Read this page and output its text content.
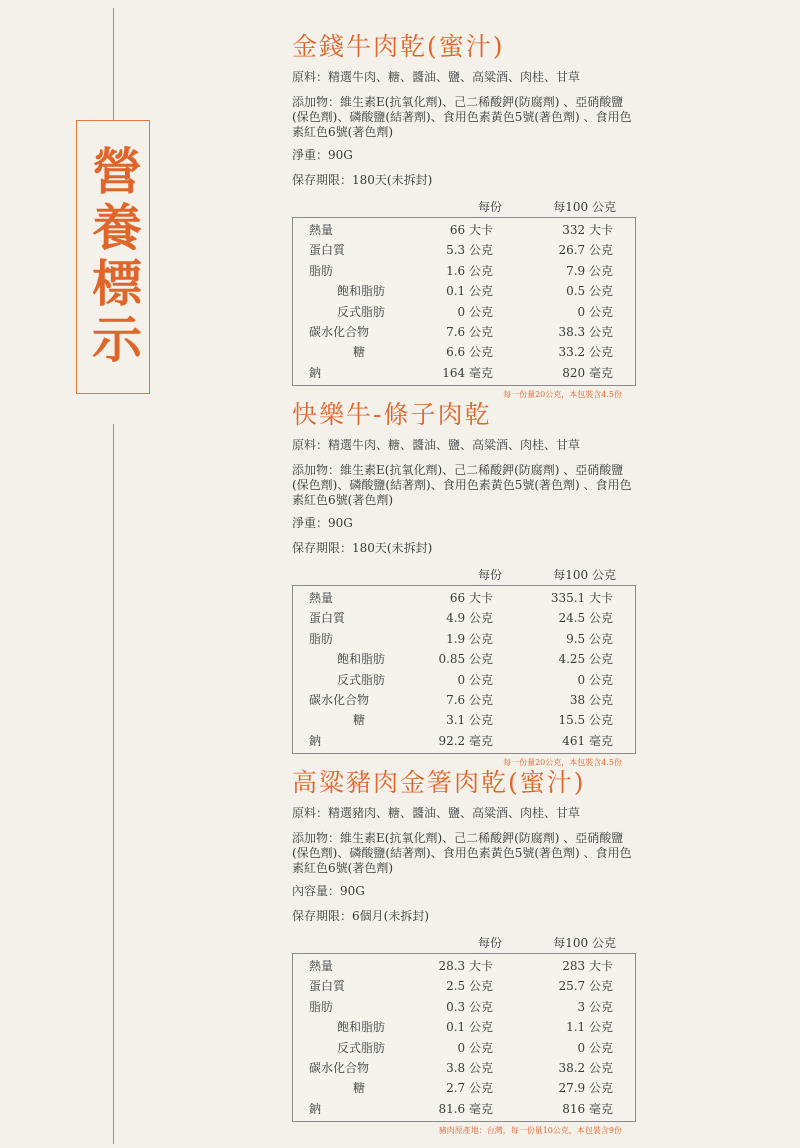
營養標示
金錢牛肉乾(蜜汁)
原料：精選牛肉、糖、醬油、鹽、高粱酒、肉桂、甘草
添加物：維生素E(抗氧化劑)、己二稀酸鉀(防腐劑) 、亞硝酸鹽(保色劑)、磷酸鹽(結著劑)、食用色素黃色5號(著色劑) 、食用色素紅色6號(著色劑)
淨重：90G
保存期限：180天(未拆封)
每份	每100 公克
熱量	66 大卡	332 大卡
蛋白質	5.3 公克	26.7 公克
脂肪	1.6 公克	7.9 公克
飽和脂肪	0.1 公克	0.5 公克
反式脂肪	0 公克	0 公克
碳水化合物	7.6 公克	38.3 公克
糖	6.6 公克	33.2 公克
鈉	164 毫克	820 毫克
每一份量20公克，本包裝含4.5份
快樂牛-條子肉乾
原料：精選牛肉、糖、醬油、鹽、高粱酒、肉桂、甘草
添加物：維生素E(抗氧化劑)、己二稀酸鉀(防腐劑) 、亞硝酸鹽(保色劑)、磷酸鹽(結著劑)、食用色素黃色5號(著色劑) 、食用色素紅色6號(著色劑)
淨重：90G
保存期限：180天(未拆封)
每份	每100 公克
熱量	66 大卡	335.1 大卡
蛋白質	4.9 公克	24.5 公克
脂肪	1.9 公克	9.5 公克
飽和脂肪	0.85 公克	4.25 公克
反式脂肪	0 公克	0 公克
碳水化合物	7.6 公克	38 公克
糖	3.1 公克	15.5 公克
鈉	92.2 毫克	461 毫克
每一份量20公克，本包裝含4.5份
高粱豬肉金箸肉乾(蜜汁)
原料：精選豬肉、糖、醬油、鹽、高粱酒、肉桂、甘草
添加物：維生素E(抗氧化劑)、己二稀酸鉀(防腐劑) 、亞硝酸鹽(保色劑)、磷酸鹽(結著劑)、食用色素黃色5號(著色劑) 、食用色素紅色6號(著色劑)
內容量：90G
保存期限：6個月(未拆封)
每份	每100 公克
熱量	28.3 大卡	283 大卡
蛋白質	2.5 公克	25.7 公克
脂肪	0.3 公克	3 公克
飽和脂肪	0.1 公克	1.1 公克
反式脂肪	0 公克	0 公克
碳水化合物	3.8 公克	38.2 公克
糖	2.7 公克	27.9 公克
鈉	81.6 毫克	816 毫克
豬肉原產地：台灣，每一份量10公克，本包裝含9份
